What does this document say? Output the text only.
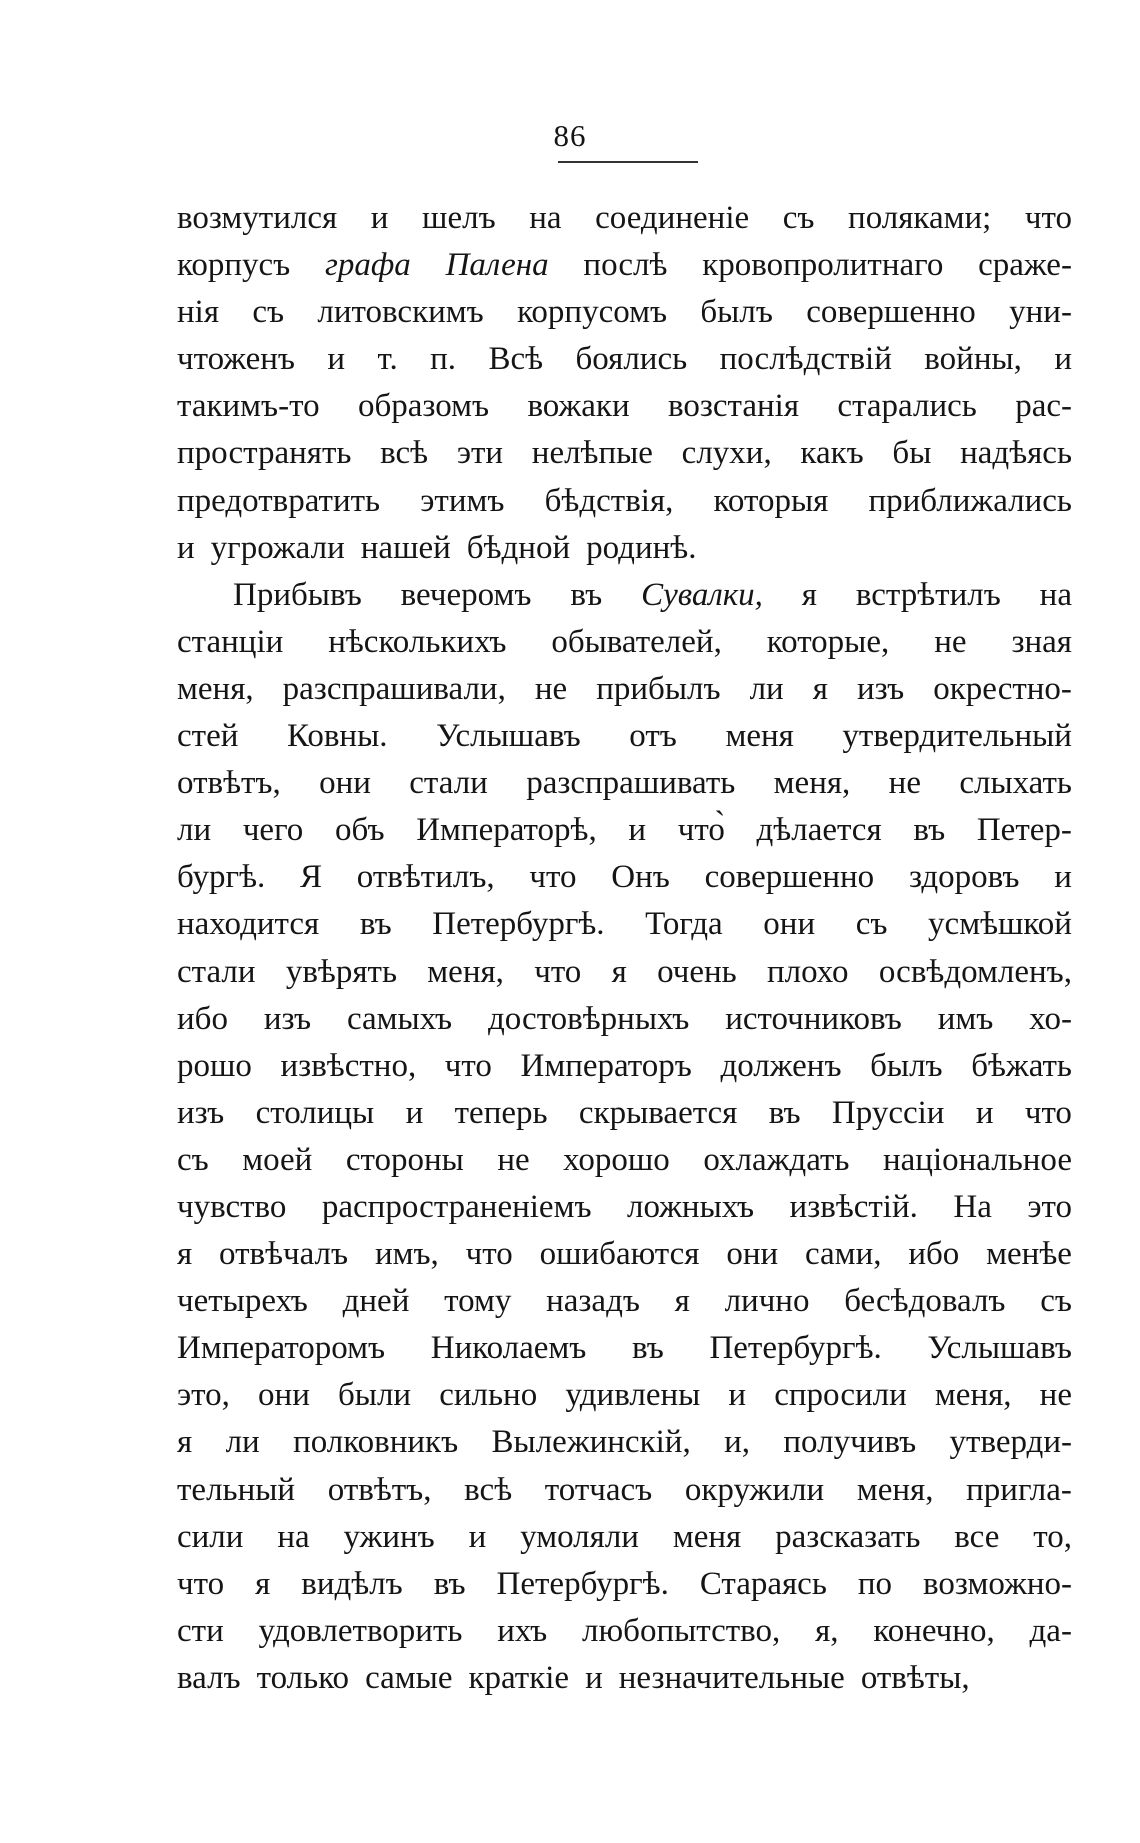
86
возмутился и шелъ на соединеніе съ поляками; что
корпусъ графа Палена послѣ кровопролитнаго сраже-
нія съ литовскимъ корпусомъ былъ совершенно уни-
чтоженъ и т. п. Всѣ боялись послѣдствій войны, и
такимъ-то образомъ вожаки возстанія старались рас-
пространять всѣ эти нелѣпые слухи, какъ бы надѣясь
предотвратить этимъ бѣдствія, которыя приближались
и угрожали нашей бѣдной родинѣ.
Прибывъ вечеромъ въ Сувалки, я встрѣтилъ на
станціи нѣсколькихъ обывателей, которые, не зная
меня, разспрашивали, не прибылъ ли я изъ окрестно-
стей Ковны. Услышавъ отъ меня утвердительный
отвѣтъ, они стали разспрашивать меня, не слыхать
ли чего объ Императорѣ, и что̀ дѣлается въ Петер-
бургѣ. Я отвѣтилъ, что Онъ совершенно здоровъ и
находится въ Петербургѣ. Тогда они съ усмѣшкой
стали увѣрять меня, что я очень плохо освѣдомленъ,
ибо изъ самыхъ достовѣрныхъ источниковъ имъ хо-
рошо извѣстно, что Императоръ долженъ былъ бѣжать
изъ столицы и теперь скрывается въ Пруссіи и что
съ моей стороны не хорошо охлаждать національное
чувство распространеніемъ ложныхъ извѣстій. На это
я отвѣчалъ имъ, что ошибаются они сами, ибо менѣе
четырехъ дней тому назадъ я лично бесѣдовалъ съ
Императоромъ Николаемъ въ Петербургѣ. Услышавъ
это, они были сильно удивлены и спросили меня, не
я ли полковникъ Вылежинскій, и, получивъ утверди-
тельный отвѣтъ, всѣ тотчасъ окружили меня, пригла-
сили на ужинъ и умоляли меня разсказать все то,
что я видѣлъ въ Петербургѣ. Стараясь по возможно-
сти удовлетворить ихъ любопытство, я, конечно, да-
валъ только самые краткіе и незначительные отвѣты,
